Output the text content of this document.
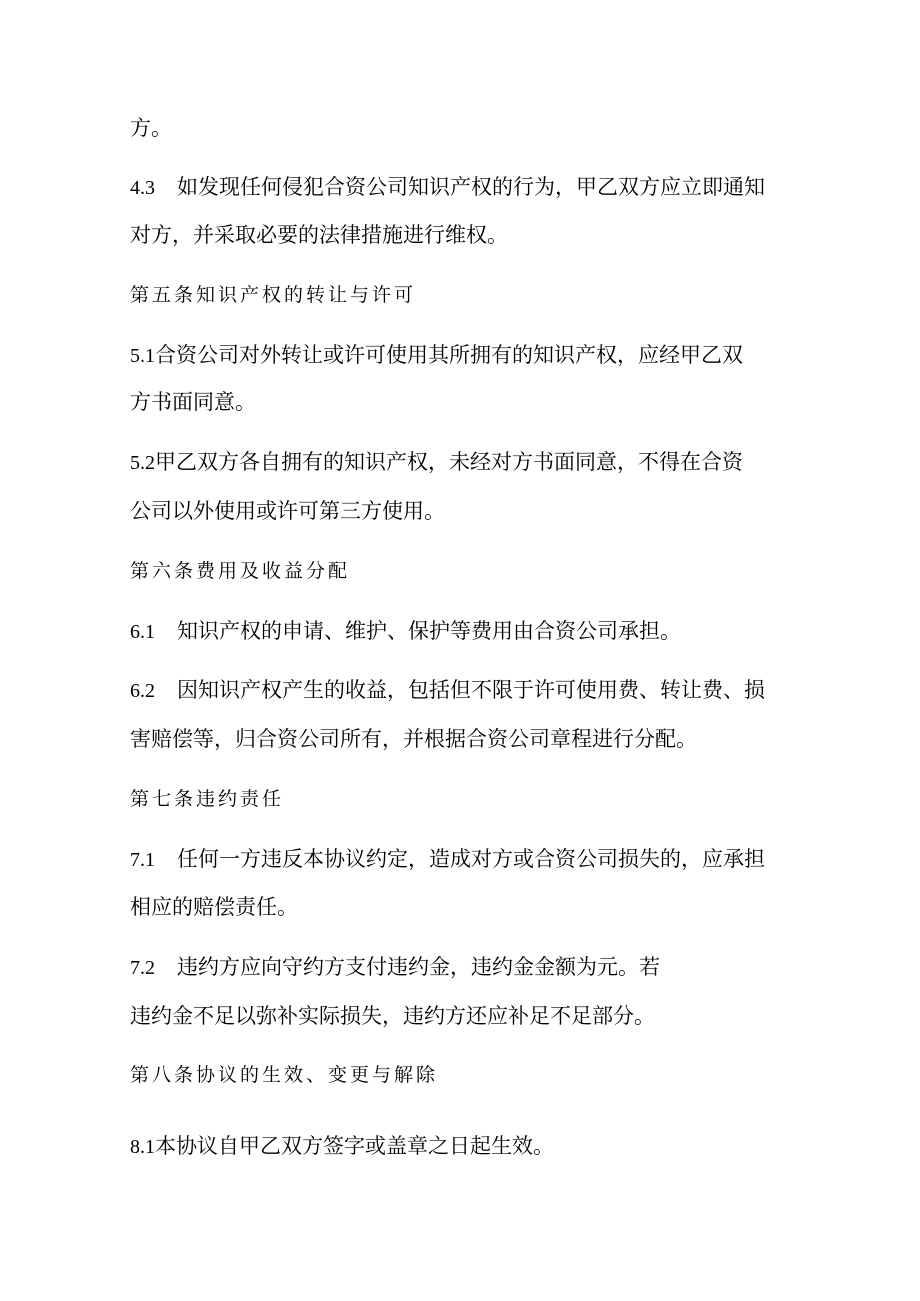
方。
4.3 如发现任何侵犯合资公司知识产权的行为，甲乙双方应立即通知
对方，并采取必要的法律措施进行维权。
第五条知识产权的转让与许可
5.1合资公司对外转让或许可使用其所拥有的知识产权，应经甲乙双
方书面同意。
5.2甲乙双方各自拥有的知识产权，未经对方书面同意，不得在合资
公司以外使用或许可第三方使用。
第六条费用及收益分配
6.1 知识产权的申请、维护、保护等费用由合资公司承担。
6.2 因知识产权产生的收益，包括但不限于许可使用费、转让费、损
害赔偿等，归合资公司所有，并根据合资公司章程进行分配。
第七条违约责任
7.1 任何一方违反本协议约定，造成对方或合资公司损失的，应承担
相应的赔偿责任。
7.2 违约方应向守约方支付违约金，违约金金额为元。若
违约金不足以弥补实际损失，违约方还应补足不足部分。
第八条协议的生效、变更与解除
8.1本协议自甲乙双方签字或盖章之日起生效。
